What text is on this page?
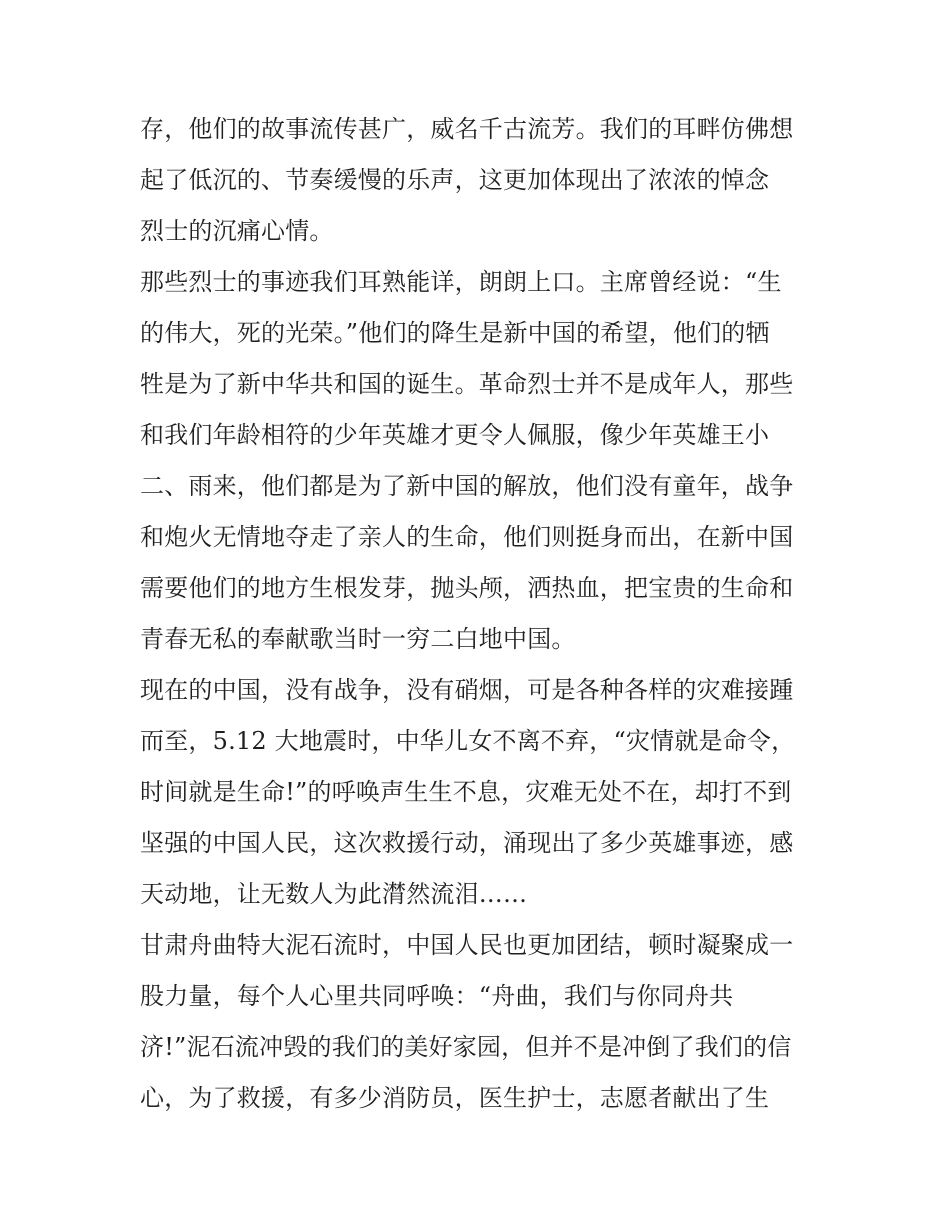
存，他们的故事流传甚广，威名千古流芳。我们的耳畔仿佛想
起了低沉的、节奏缓慢的乐声，这更加体现出了浓浓的悼念
烈士的沉痛心情。
那些烈士的事迹我们耳熟能详，朗朗上口。主席曾经说：“生
的伟大，死的光荣。”他们的降生是新中国的希望，他们的牺
牲是为了新中华共和国的诞生。革命烈士并不是成年人，那些
和我们年龄相符的少年英雄才更令人佩服，像少年英雄王小
二、雨来，他们都是为了新中国的解放，他们没有童年，战争
和炮火无情地夺走了亲人的生命，他们则挺身而出，在新中国
需要他们的地方生根发芽，抛头颅，洒热血，把宝贵的生命和
青春无私的奉献歌当时一穷二白地中国。
现在的中国，没有战争，没有硝烟，可是各种各样的灾难接踵
而至，5.12 大地震时，中华儿女不离不弃，“灾情就是命令，
时间就是生命!”的呼唤声生生不息，灾难无处不在，却打不到
坚强的中国人民，这次救援行动，涌现出了多少英雄事迹，感
天动地，让无数人为此潸然流泪……
甘肃舟曲特大泥石流时，中国人民也更加团结，顿时凝聚成一
股力量，每个人心里共同呼唤：“舟曲，我们与你同舟共
济!”泥石流冲毁的我们的美好家园，但并不是冲倒了我们的信
心，为了救援，有多少消防员，医生护士，志愿者献出了生
